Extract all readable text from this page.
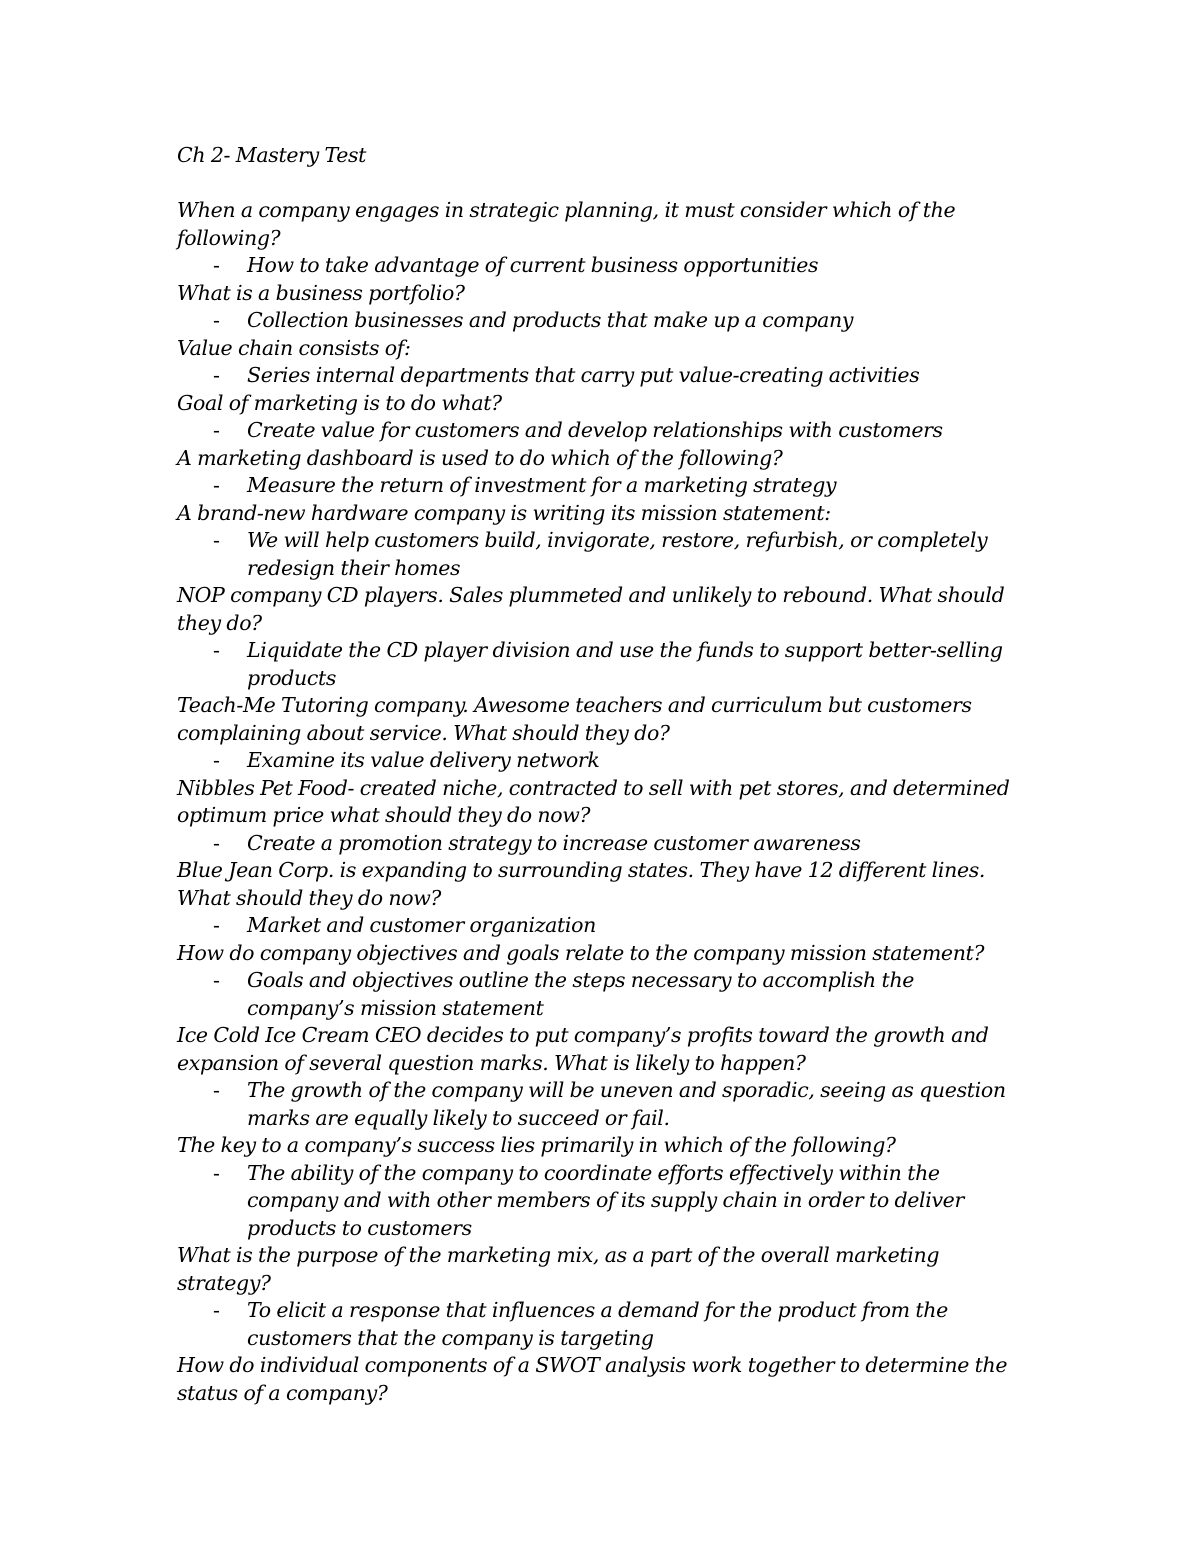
Ch 2- Mastery Test

When a company engages in strategic planning, it must consider which of the following?

- How to take advantage of current business opportunities

What is a business portfolio?

- Collection businesses and products that make up a company

Value chain consists of:

- Series internal departments that carry put value-creating activities

Goal of marketing is to do what?

- Create value for customers and develop relationships with customers

A marketing dashboard is used to do which of the following?

- Measure the return of investment for a marketing strategy

A brand-new hardware company is writing its mission statement:

- We will help customers build, invigorate, restore, refurbish, or completely redesign their homes

NOP company CD players. Sales plummeted and unlikely to rebound. What should they do?

- Liquidate the CD player division and use the funds to support better-selling products

Teach-Me Tutoring company. Awesome teachers and curriculum but customers complaining about service. What should they do?

- Examine its value delivery network

Nibbles Pet Food- created niche, contracted to sell with pet stores, and determined optimum price what should they do now?

- Create a promotion strategy to increase customer awareness

Blue Jean Corp. is expanding to surrounding states. They have 12 different lines. What should they do now?

- Market and customer organization

How do company objectives and goals relate to the company mission statement?

- Goals and objectives outline the steps necessary to accomplish the company’s mission statement

Ice Cold Ice Cream CEO decides to put company’s profits toward the growth and expansion of several question marks. What is likely to happen?

- The growth of the company will be uneven and sporadic, seeing as question marks are equally likely to succeed or fail.

The key to a company’s success lies primarily in which of the following?

- The ability of the company to coordinate efforts effectively within the company and with other members of its supply chain in order to deliver products to customers

What is the purpose of the marketing mix, as a part of the overall marketing strategy?

- To elicit a response that influences a demand for the product from the customers that the company is targeting

How do individual components of a SWOT analysis work together to determine the status of a company?
